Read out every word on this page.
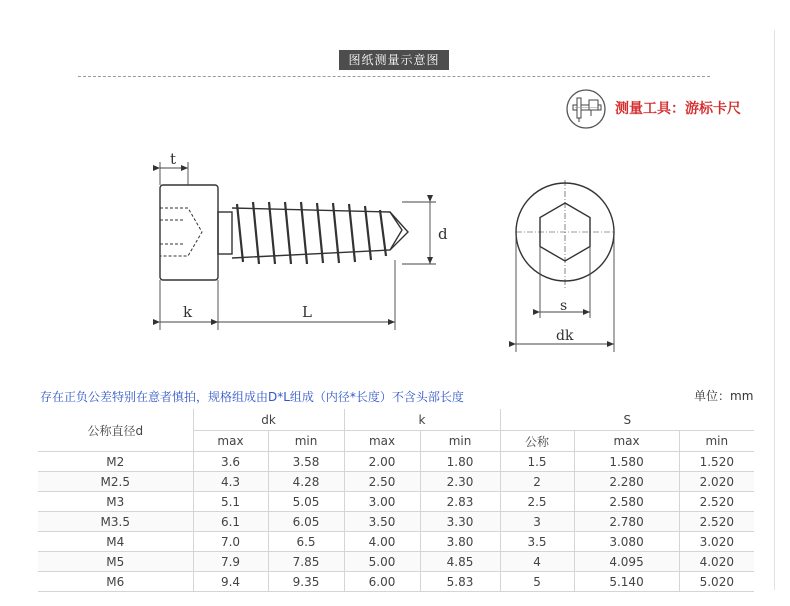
图纸测量示意图
测量工具：游标卡尺
t
d
k	L	s
dk
存在正负公差特别在意者慎拍，规格组成由D*L组成（内径*长度）不含头部长度	单位：mm
公称直径d	dk		k		S		
	max	min	max	min	公称	max	min
M2	3.6	3.58	2.00	1.80	1.5	1.580	1.520
M2.5	4.3	4.28	2.50	2.30	2	2.280	2.020
M3	5.1	5.05	3.00	2.83	2.5	2.580	2.520
M3.5	6.1	6.05	3.50	3.30	3	2.780	2.520
M4	7.0	6.5	4.00	3.80	3.5	3.080	3.020
M5	7.9	7.85	5.00	4.85	4	4.095	4.020
M6	9.4	9.35	6.00	5.83	5	5.140	5.020
